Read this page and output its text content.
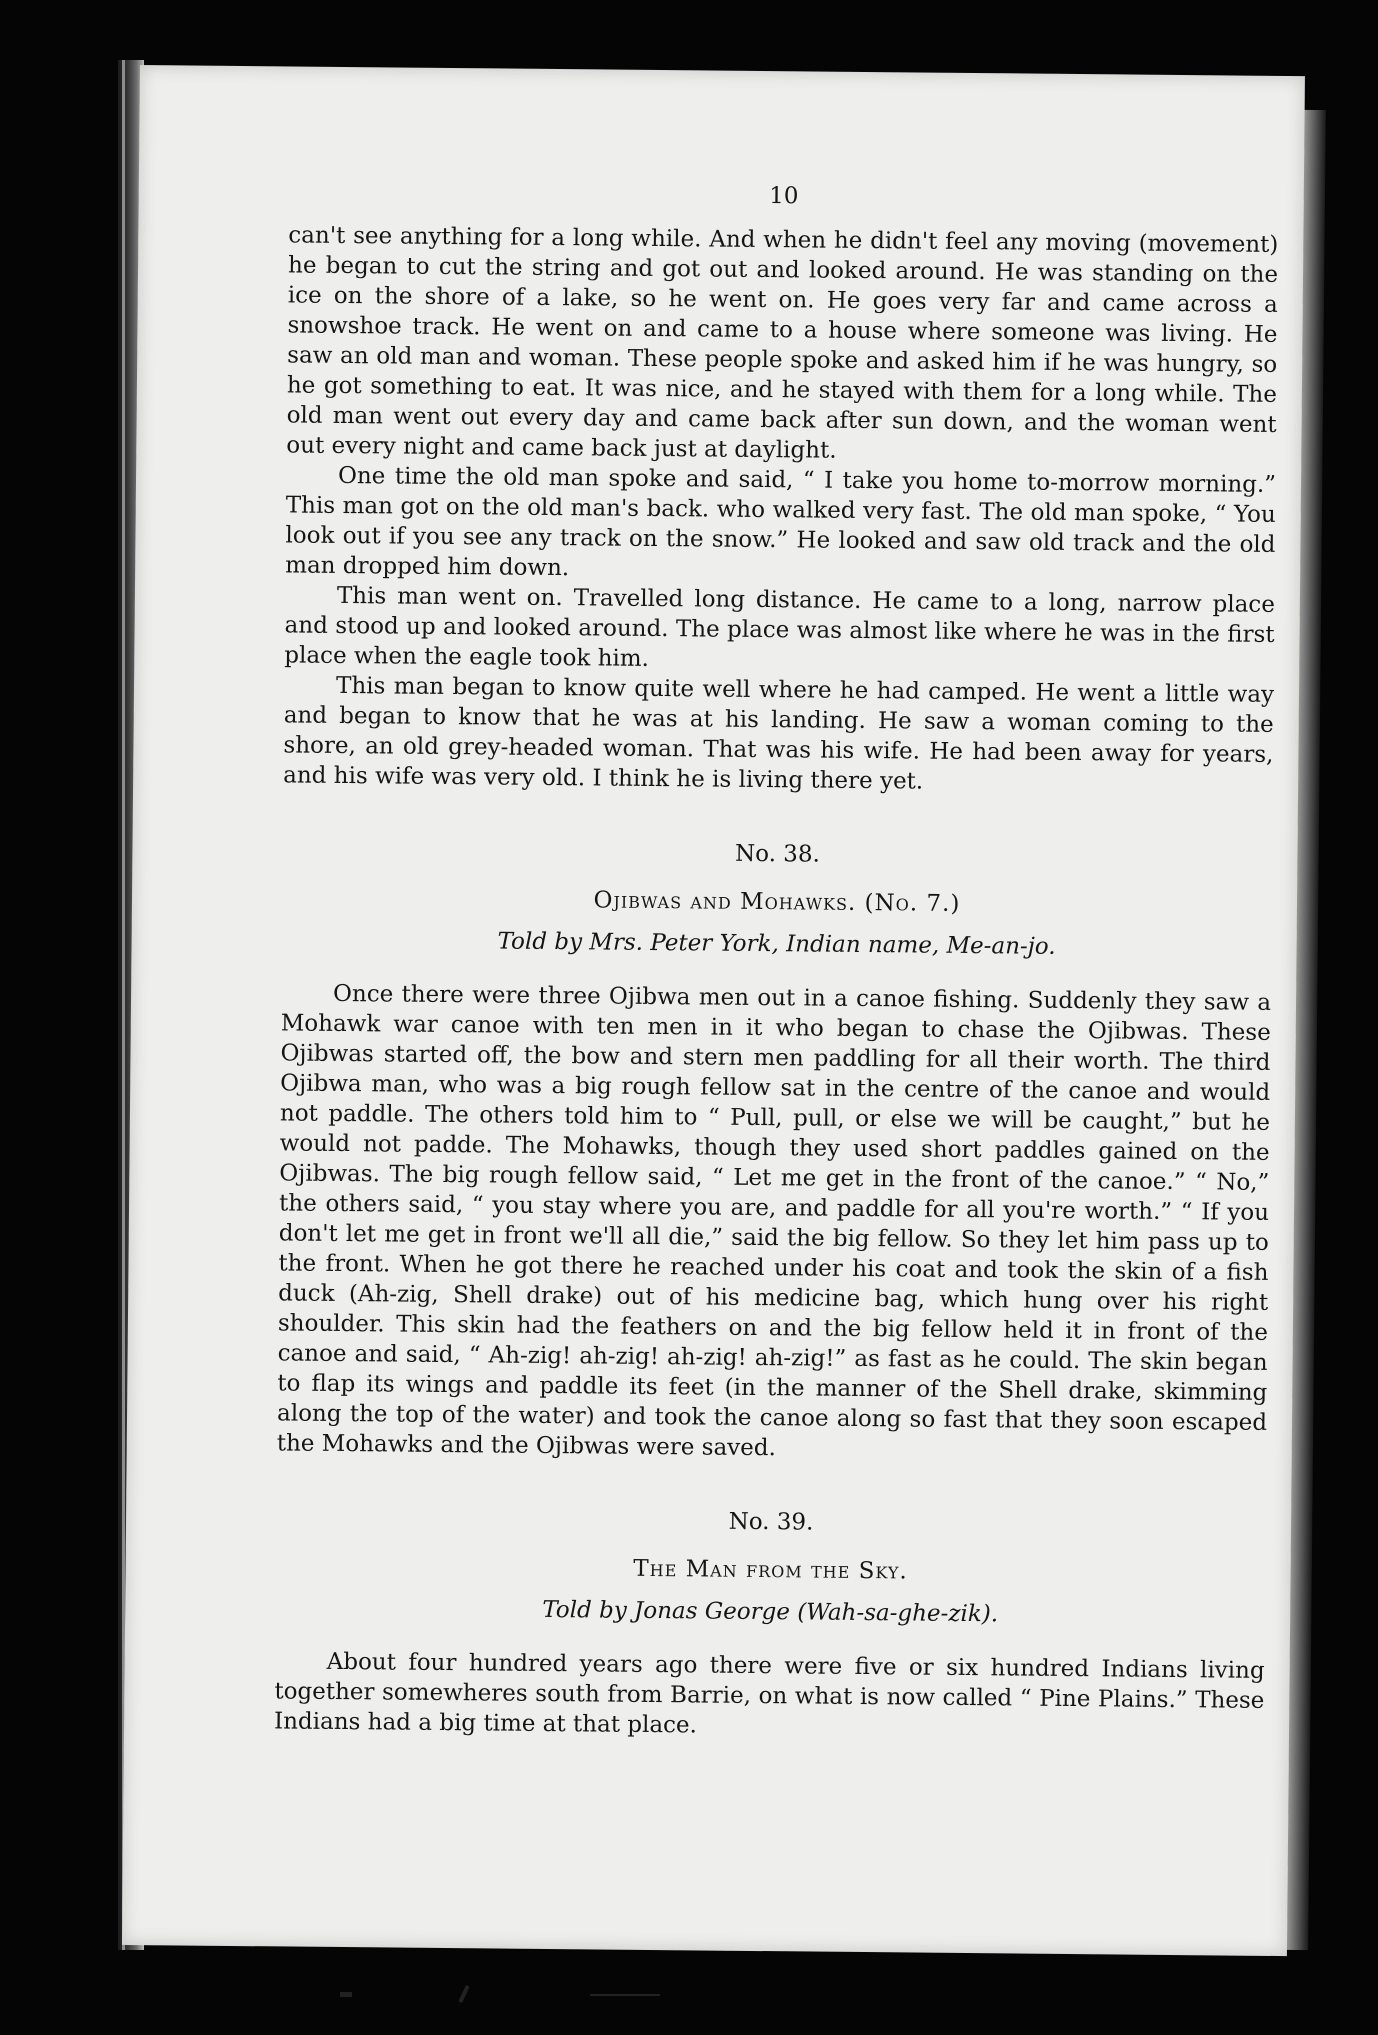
10

can't see anything for a long while. And when he didn't feel any moving (movement) he began to cut the string and got out and looked around. He was standing on the ice on the shore of a lake, so he went on. He goes very far and came across a snowshoe track. He went on and came to a house where someone was living. He saw an old man and woman. These people spoke and asked him if he was hungry, so he got something to eat. It was nice, and he stayed with them for a long while. The old man went out every day and came back after sun down, and the woman went out every night and came back just at daylight.

One time the old man spoke and said, “ I take you home to-morrow morning.” This man got on the old man's back. who walked very fast. The old man spoke, “ You look out if you see any track on the snow.” He looked and saw old track and the old man dropped him down.

This man went on. Travelled long distance. He came to a long, narrow place and stood up and looked around. The place was almost like where he was in the first place when the eagle took him.

This man began to know quite well where he had camped. He went a little way and began to know that he was at his landing. He saw a woman coming to the shore, an old grey-headed woman. That was his wife. He had been away for years, and his wife was very old. I think he is living there yet.

No. 38.
Ojibwas and Mohawks. (No. 7.)
Told by Mrs. Peter York, Indian name, Me-an-jo.

Once there were three Ojibwa men out in a canoe fishing. Suddenly they saw a Mohawk war canoe with ten men in it who began to chase the Ojibwas. These Ojibwas started off, the bow and stern men paddling for all their worth. The third Ojibwa man, who was a big rough fellow sat in the centre of the canoe and would not paddle. The others told him to “ Pull, pull, or else we will be caught,” but he would not padde. The Mohawks, though they used short paddles gained on the Ojibwas. The big rough fellow said, “ Let me get in the front of the canoe.” “ No,” the others said, “ you stay where you are, and paddle for all you're worth.” “ If you don't let me get in front we'll all die,” said the big fellow. So they let him pass up to the front. When he got there he reached under his coat and took the skin of a fish duck (Ah-zig, Shell drake) out of his medicine bag, which hung over his right shoulder. This skin had the feathers on and the big fellow held it in front of the canoe and said, “ Ah-zig! ah-zig! ah-zig! ah-zig!” as fast as he could. The skin began to flap its wings and paddle its feet (in the manner of the Shell drake, skimming along the top of the water) and took the canoe along so fast that they soon escaped the Mohawks and the Ojibwas were saved.

No. 39.
The Man from the Sky.
Told by Jonas George (Wah-sa-ghe-zik).

About four hundred years ago there were five or six hundred Indians living together somewheres south from Barrie, on what is now called “ Pine Plains.” These Indians had a big time at that place.
